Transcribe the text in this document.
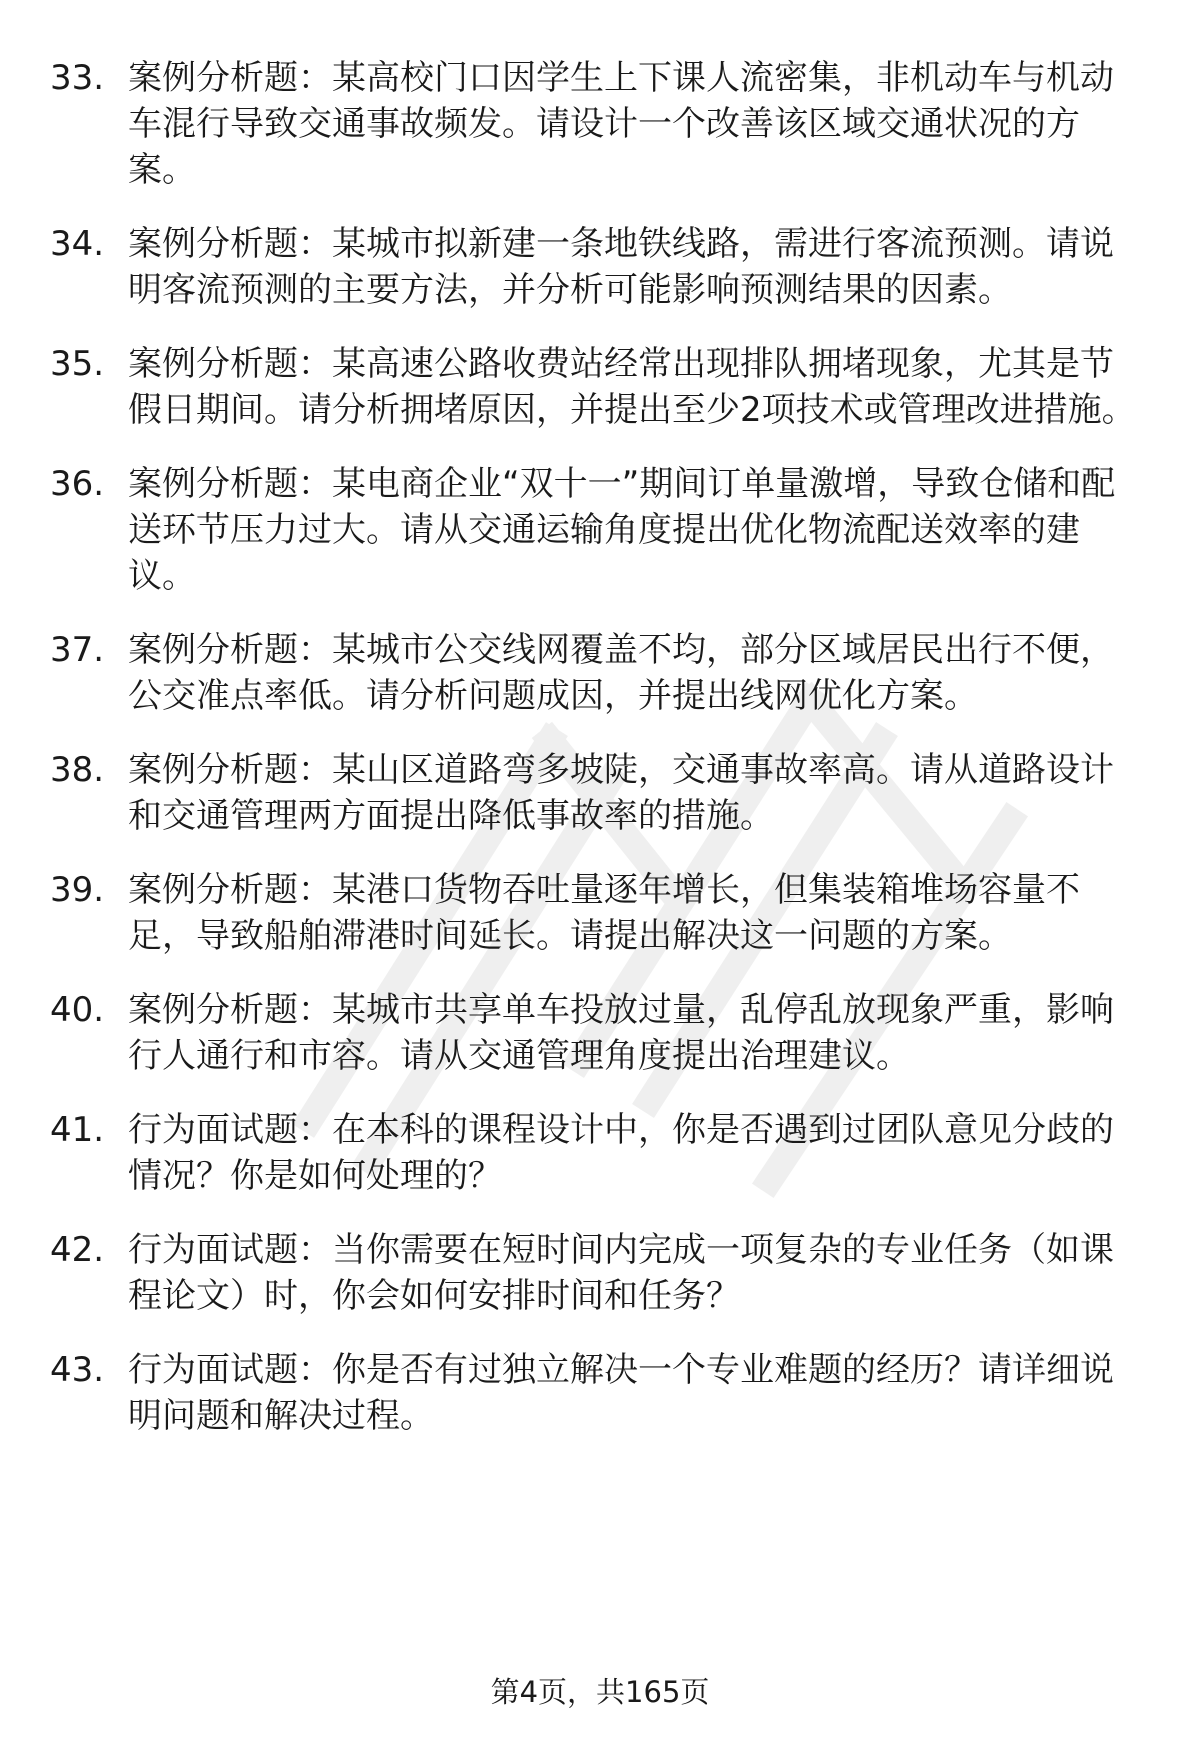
33. 案例分析题：某高校门口因学生上下课人流密集，非机动车与机动车混行导致交通事故频发。请设计一个改善该区域交通状况的方案。
34. 案例分析题：某城市拟新建一条地铁线路，需进行客流预测。请说明客流预测的主要方法，并分析可能影响预测结果的因素。
35. 案例分析题：某高速公路收费站经常出现排队拥堵现象，尤其是节假日期间。请分析拥堵原因，并提出至少2项技术或管理改进措施。
36. 案例分析题：某电商企业“双十一”期间订单量激增，导致仓储和配送环节压力过大。请从交通运输角度提出优化物流配送效率的建议。
37. 案例分析题：某城市公交线网覆盖不均，部分区域居民出行不便，公交准点率低。请分析问题成因，并提出线网优化方案。
38. 案例分析题：某山区道路弯多坡陡，交通事故率高。请从道路设计和交通管理两方面提出降低事故率的措施。
39. 案例分析题：某港口货物吞吐量逐年增长，但集装箱堆场容量不足，导致船舶滞港时间延长。请提出解决这一问题的方案。
40. 案例分析题：某城市共享单车投放过量，乱停乱放现象严重，影响行人通行和市容。请从交通管理角度提出治理建议。
41. 行为面试题：在本科的课程设计中，你是否遇到过团队意见分歧的情况？你是如何处理的？
42. 行为面试题：当你需要在短时间内完成一项复杂的专业任务（如课程论文）时，你会如何安排时间和任务？
43. 行为面试题：你是否有过独立解决一个专业难题的经历？请详细说明问题和解决过程。
第4页，共165页
